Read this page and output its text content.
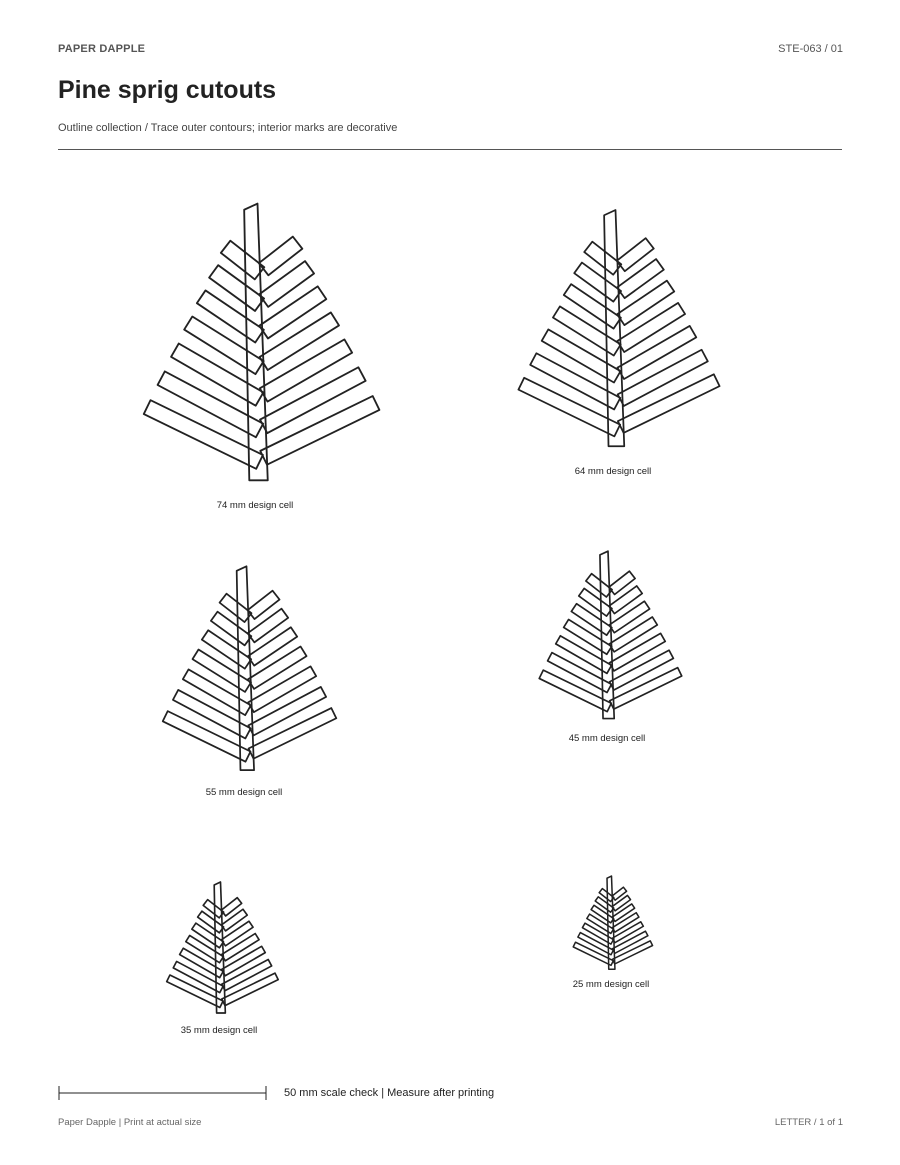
PAPER DAPPLE	STE-063 / 01
Pine sprig cutouts
Outline collection / Trace outer contours; interior marks are decorative
74 mm design cell
64 mm design cell
55 mm design cell
45 mm design cell
35 mm design cell
25 mm design cell
50 mm scale check | Measure after printing
Paper Dapple | Print at actual size	LETTER / 1 of 1
